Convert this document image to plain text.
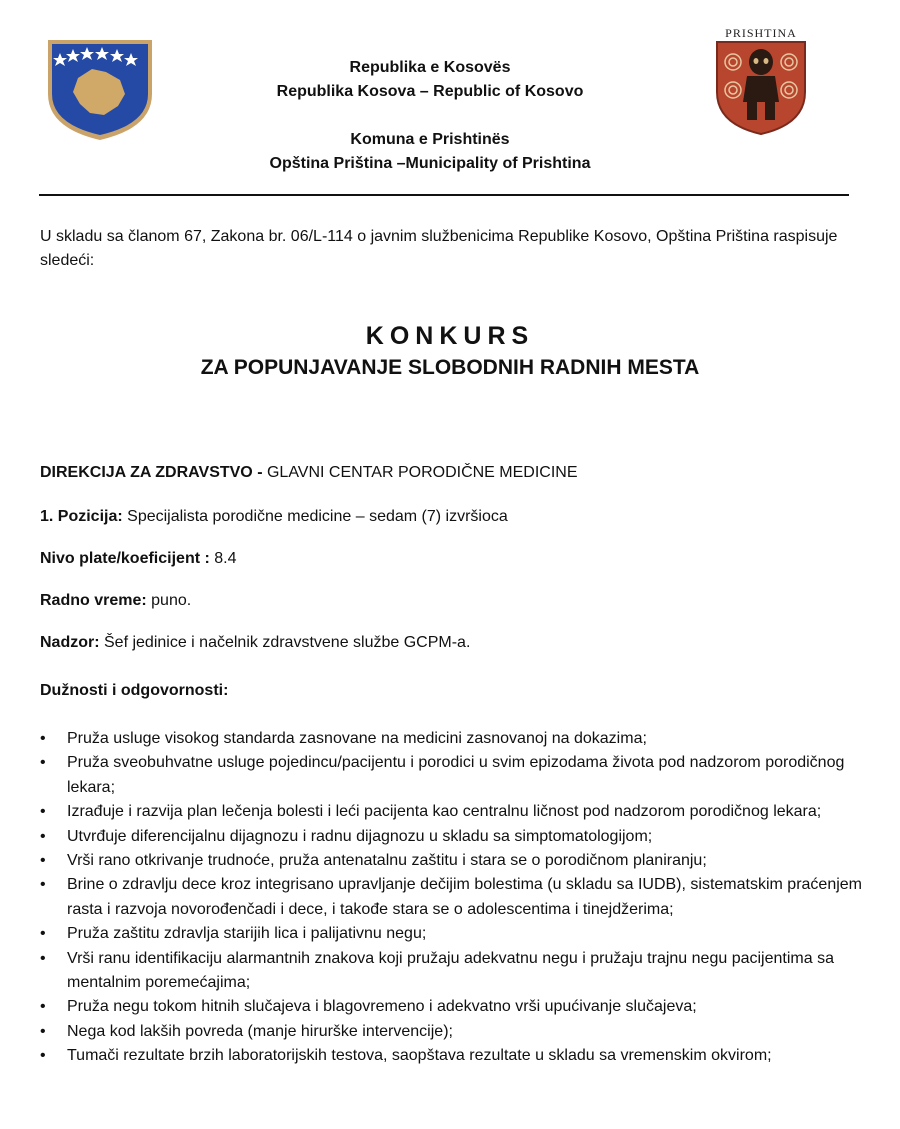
PRISHTINA
Republika e Kosovës
Republika Kosova – Republic of Kosovo
Komuna e Prishtinës
Opština Priština –Municipality of Prishtina
U skladu sa članom 67, Zakona br. 06/L-114 o javnim službenicima Republike Kosovo, Opština Priština raspisuje sledeći:
KONKURS
ZA POPUNJAVANJE SLOBODNIH RADNIH MESTA
DIREKCIJA ZA ZDRAVSTVO - GLAVNI CENTAR PORODIČNE MEDICINE
1. Pozicija: Specijalista porodične medicine – sedam (7) izvršioca
Nivo plate/koeficijent : 8.4
Radno vreme: puno.
Nadzor: Šef jedinice i načelnik zdravstvene službe GCPM-a.
Dužnosti i odgovornosti:
• Pruža usluge visokog standarda zasnovane na medicini zasnovanoj na dokazima;
• Pruža sveobuhvatne usluge pojedincu/pacijentu i porodici u svim epizodama života pod nadzorom porodičnog lekara;
• Izrađuje i razvija plan lečenja bolesti i leći pacijenta kao centralnu ličnost pod nadzorom porodičnog lekara;
• Utvrđuje diferencijalnu dijagnozu i radnu dijagnozu u skladu sa simptomatologijom;
• Vrši rano otkrivanje trudnoće, pruža antenatalnu zaštitu i stara se o porodičnom planiranju;
• Brine o zdravlju dece kroz integrisano upravljanje dečijim bolestima (u skladu sa IUDB), sistematskim praćenjem rasta i razvoja novorođenčadi i dece, i takođe stara se o adolescentima i tinejdžerima;
• Pruža zaštitu zdravlja starijih lica i palijativnu negu;
• Vrši ranu identifikaciju alarmantnih znakova koji pružaju adekvatnu negu i pružaju trajnu negu pacijentima sa mentalnim poremećajima;
• Pruža negu tokom hitnih slučajeva i blagovremeno i adekvatno vrši upućivanje slučajeva;
• Nega kod lakših povreda (manje hirurške intervencije);
• Tumači rezultate brzih laboratorijskih testova, saopštava rezultate u skladu sa vremenskim okvirom;
